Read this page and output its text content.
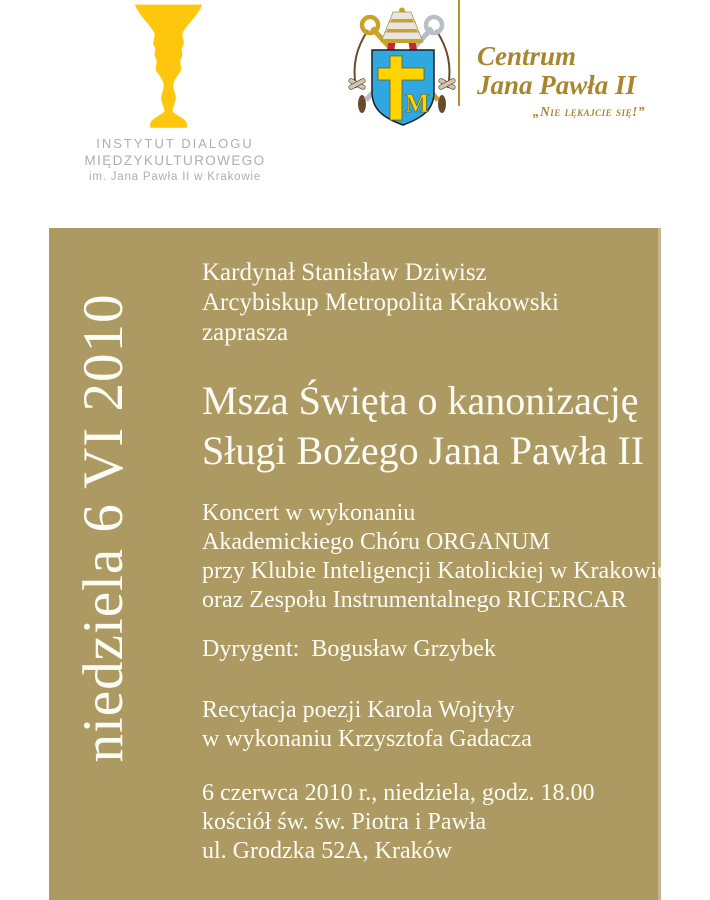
INSTYTUT DIALOGU
MIĘDZYKULTUROWEGO
im. Jana Pawła II w Krakowie
M
Centrum
Jana Pawła II
„Nie lękajcie się!”
niedziela 6 VI 2010
Kardynał Stanisław Dziwisz
Arcybiskup Metropolita Krakowski
zaprasza
Msza Święta o kanonizację
Sługi Bożego Jana Pawła II
Koncert w wykonaniu
Akademickiego Chóru ORGANUM
przy Klubie Inteligencji Katolickiej w Krakowie
oraz Zespołu Instrumentalnego RICERCAR
Dyrygent:  Bogusław Grzybek
Recytacja poezji Karola Wojtyły
w wykonaniu Krzysztofa Gadacza
6 czerwca 2010 r., niedziela, godz. 18.00
kościół św. św. Piotra i Pawła
ul. Grodzka 52A, Kraków
